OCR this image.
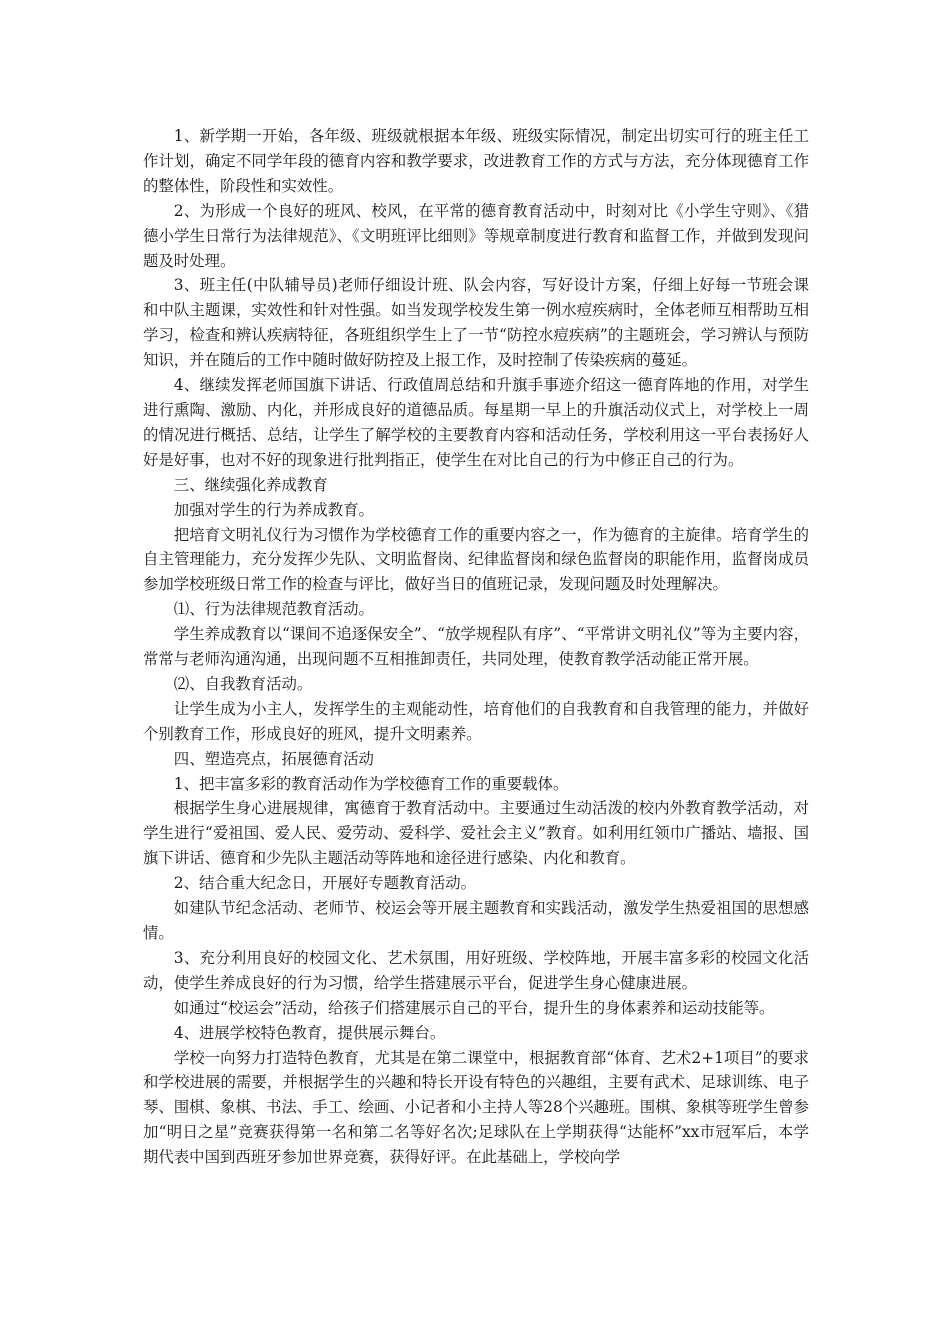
1、新学期一开始，各年级、班级就根据本年级、班级实际情况，制定出切实可行的班主任工作计划，确定不同学年段的德育内容和教学要求，改进教育工作的方式与方法，充分体现德育工作的整体性，阶段性和实效性。

2、为形成一个良好的班风、校风，在平常的德育教育活动中，时刻对比《小学生守则》、《猎德小学生日常行为法律规范》、《文明班评比细则》等规章制度进行教育和监督工作，并做到发现问题及时处理。

3、班主任(中队辅导员)老师仔细设计班、队会内容，写好设计方案，仔细上好每一节班会课和中队主题课，实效性和针对性强。如当发现学校发生第一例水痘疾病时，全体老师互相帮助互相学习，检查和辨认疾病特征，各班组织学生上了一节“防控水痘疾病”的主题班会，学习辨认与预防知识，并在随后的工作中随时做好防控及上报工作，及时控制了传染疾病的蔓延。

4、继续发挥老师国旗下讲话、行政值周总结和升旗手事迹介绍这一德育阵地的作用，对学生进行熏陶、激励、内化，并形成良好的道德品质。每星期一早上的升旗活动仪式上，对学校上一周的情况进行概括、总结，让学生了解学校的主要教育内容和活动任务，学校利用这一平台表扬好人好是好事，也对不好的现象进行批判指正，使学生在对比自己的行为中修正自己的行为。

三、继续强化养成教育

加强对学生的行为养成教育。

把培育文明礼仪行为习惯作为学校德育工作的重要内容之一，作为德育的主旋律。培育学生的自主管理能力，充分发挥少先队、文明监督岗、纪律监督岗和绿色监督岗的职能作用，监督岗成员参加学校班级日常工作的检查与评比，做好当日的值班记录，发现问题及时处理解决。

⑴、行为法律规范教育活动。

学生养成教育以“课间不追逐保安全”、“放学规程队有序”、“平常讲文明礼仪”等为主要内容，常常与老师沟通沟通，出现问题不互相推卸责任，共同处理，使教育教学活动能正常开展。

⑵、自我教育活动。

让学生成为小主人，发挥学生的主观能动性，培育他们的自我教育和自我管理的能力，并做好个别教育工作，形成良好的班风，提升文明素养。

四、塑造亮点，拓展德育活动

1、把丰富多彩的教育活动作为学校德育工作的重要载体。

根据学生身心进展规律，寓德育于教育活动中。主要通过生动活泼的校内外教育教学活动，对学生进行“爱祖国、爱人民、爱劳动、爱科学、爱社会主义”教育。如利用红领巾广播站、墙报、国旗下讲话、德育和少先队主题活动等阵地和途径进行感染、内化和教育。

2、结合重大纪念日，开展好专题教育活动。

如建队节纪念活动、老师节、校运会等开展主题教育和实践活动，激发学生热爱祖国的思想感情。

3、充分利用良好的校园文化、艺术氛围，用好班级、学校阵地，开展丰富多彩的校园文化活动，使学生养成良好的行为习惯，给学生搭建展示平台，促进学生身心健康进展。

如通过“校运会”活动，给孩子们搭建展示自己的平台，提升生的身体素养和运动技能等。

4、进展学校特色教育，提供展示舞台。

学校一向努力打造特色教育，尤其是在第二课堂中，根据教育部“体育、艺术2+1项目”的要求和学校进展的需要，并根据学生的兴趣和特长开设有特色的兴趣组，主要有武术、足球训练、电子琴、围棋、象棋、书法、手工、绘画、小记者和小主持人等28个兴趣班。围棋、象棋等班学生曾参加“明日之星”竞赛获得第一名和第二名等好名次;足球队在上学期获得“达能杯”xx市冠军后，本学期代表中国到西班牙参加世界竞赛，获得好评。在此基础上，学校向学
